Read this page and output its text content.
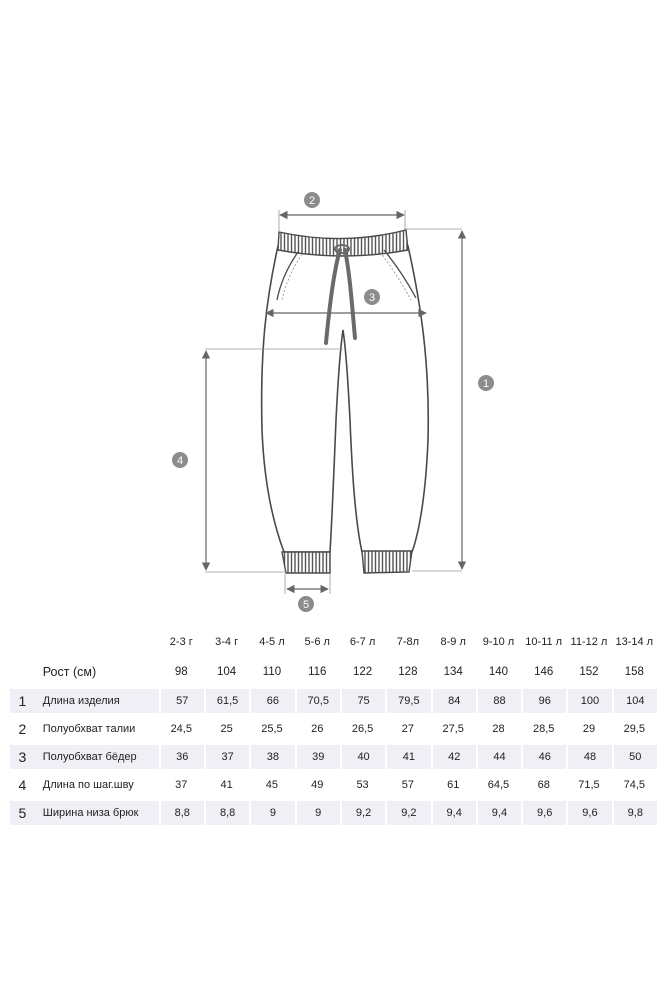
1
2
3
4
5
		2-3 г	3-4 г	4-5 л	5-6 л	6-7 л	7-8л	8-9 л	9-10 л	10-11 л	11-12 л	13-14 л
	Рост (см)	98	104	110	116	122	128	134	140	146	152	158
1	Длина изделия	57	61,5	66	70,5	75	79,5	84	88	96	100	104
2	Полуобхват талии	24,5	25	25,5	26	26,5	27	27,5	28	28,5	29	29,5
3	Полуобхват бёдер	36	37	38	39	40	41	42	44	46	48	50
4	Длина по шаг.шву	37	41	45	49	53	57	61	64,5	68	71,5	74,5
5	Ширина низа брюк	8,8	8,8	9	9	9,2	9,2	9,4	9,4	9,6	9,6	9,8
